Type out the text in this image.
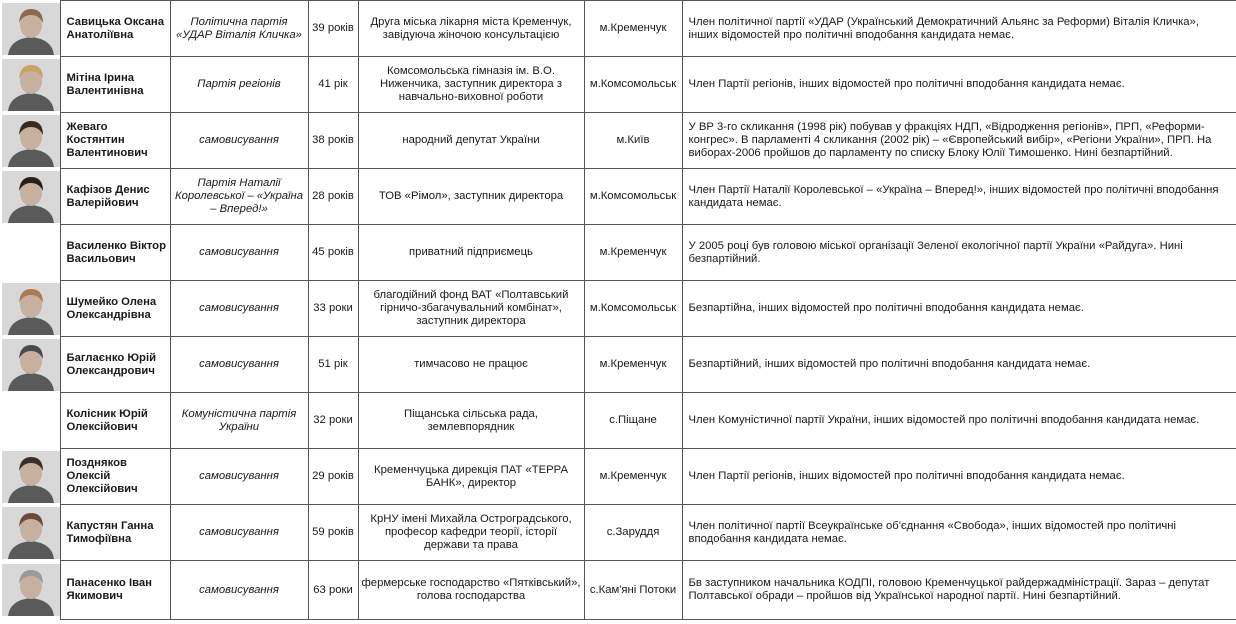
	Савицька Оксана Анатоліївна	Політична партія «УДАР Віталія Кличка»	39 років	Друга міська лікарня міста Кременчук, завідуюча жіночою консультацією	м.Кременчук	Член політичної партії «УДАР (Український Демократичний Альянс за Реформи) Віталія Кличка», інших відомостей про політичні вподобання кандидата немає.

	Мітіна Ірина Валентинівна	Партія регіонів	41 рік	Комсомольська гімназія ім. В.О. Ниженчика, заступник директора з навчально-виховної роботи	м.Комсомольськ	Член Партії регіонів, інших відомостей про політичні вподобання кандидата немає.

	Жеваго Костянтин Валентинович	самовисування	38 років	народний депутат України	м.Київ	У ВР 3-го скликання (1998 рік) побував у фракціях НДП, «Відродження регіонів», ПРП, «Реформи-конгрес». В парламенті 4 скликання (2002 рік) – «Європейський вибір», «Регіони України», ПРП. На виборах-2006 пройшов до парламенту по списку Блоку Юлії Тимошенко. Нині безпартійний.

	Кафізов Денис Валерійович	Партія Наталії Королевської – «Україна – Вперед!»	28 років	ТОВ «Рімол», заступник директора	м.Комсомольськ	Член Партії Наталії Королевської – «Україна – Вперед!», інших відомостей про політичні вподобання кандидата немає.
	Василенко Віктор Васильович	самовисування	45 років	приватний підприємець	м.Кременчук	У 2005 році був головою міської організації Зеленої екологічної партії України «Райдуга». Нині безпартійний.

	Шумейко Олена Олександрівна	самовисування	33 роки	благодійний фонд ВАТ «Полтавський гірничо-збагачувальний комбінат», заступник директора	м.Комсомольськ	Безпартійна, інших відомостей про політичні вподобання кандидата немає.

	Баглаєнко Юрій Олександрович	самовисування	51 рік	тимчасово не працює	м.Кременчук	Безпартійний, інших відомостей про політичні вподобання кандидата немає.
	Колісник Юрій Олексійович	Комуністична партія України	32 роки	Піщанська сільська рада, землевпорядник	с.Піщане	Член Комуністичної партії України, інших відомостей про політичні вподобання кандидата немає.

	Поздняков Олексій Олексійович	самовисування	29 років	Кременчуцька дирекція ПАТ «ТЕРРА БАНК», директор	м.Кременчук	Член Партії регіонів, інших відомостей про політичні вподобання кандидата немає.

	Капустян Ганна Тимофіївна	самовисування	59 років	КрНУ імені Михайла Остроградського, професор кафедри теорії, історії держави та права	с.Заруддя	Член політичної партії Всеукраїнське об'єднання «Свобода», інших відомостей про політичні вподобання кандидата немає.

	Панасенко Іван Якимович	самовисування	63 роки	фермерське господарство «Пятківський», голова господарства	с.Кам'яні Потоки	Бв заступником начальника КОДПІ, головою Кременчуцької райдержадміністрації. Зараз – депутат Полтавської обради – пройшов від Української народної партії. Нині безпартійний.
